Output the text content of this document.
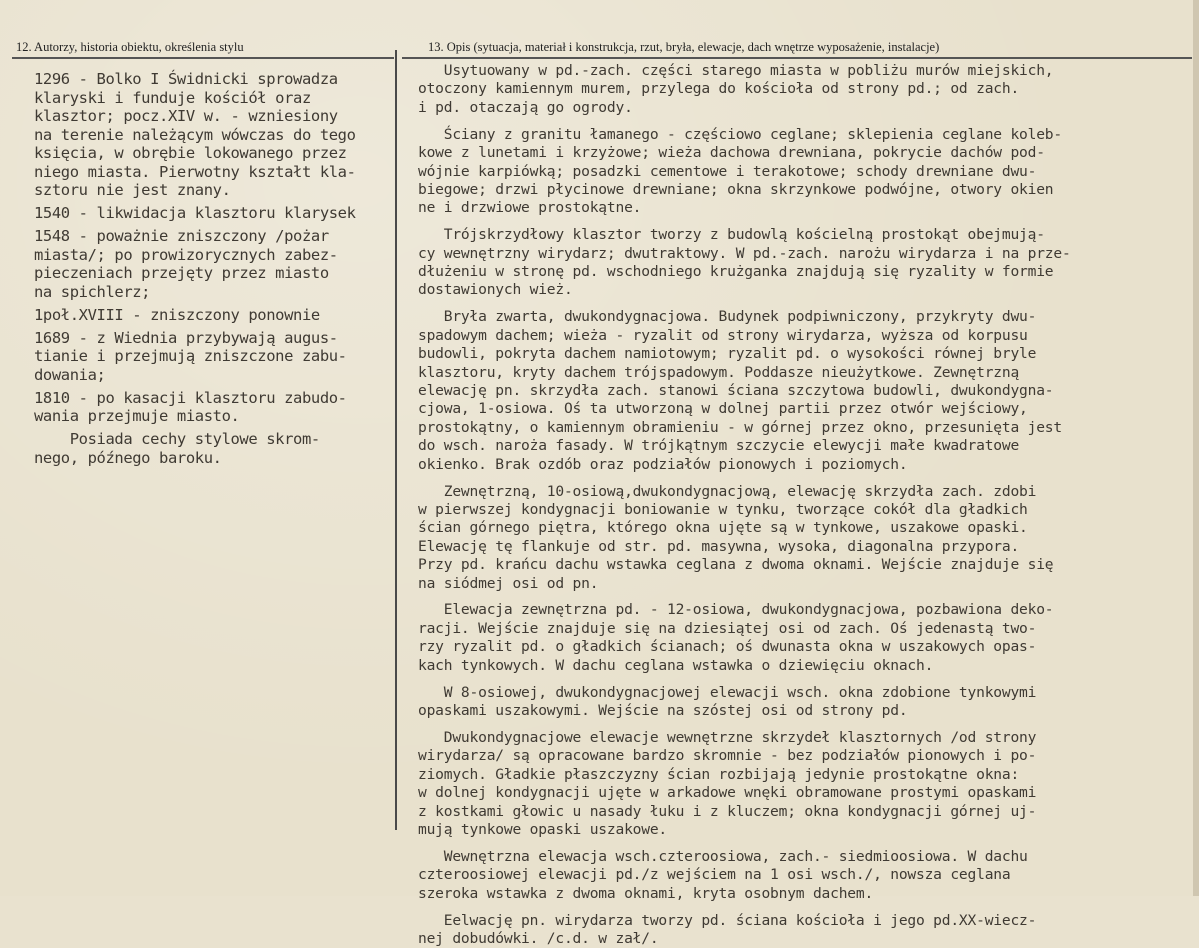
12. Autorzy, historia obiektu, określenia stylu	13. Opis (sytuacja, materiał i konstrukcja, rzut, bryła, elewacje, dach wnętrze wyposażenie, instalacje)
1296 - Bolko I Świdnicki sprowadza
klaryski i funduje kościół oraz
klasztor; pocz.XIV w. - wzniesiony
na terenie należącym wówczas do tego
księcia, w obrębie lokowanego przez
niego miasta. Pierwotny kształt kla-
sztoru nie jest znany.
1540 - likwidacja klasztoru klarysek
1548 - poważnie zniszczony /pożar
miasta/; po prowizorycznych zabez-
pieczeniach przejęty przez miasto
na spichlerz;
1poł.XVIII - zniszczony ponownie
1689 - z Wiednia przybywają augus-
tianie i przejmują zniszczone zabu-
dowania;
1810 - po kasacji klasztoru zabudo-
wania przejmuje miasto.
Posiada cechy stylowe skrom-
nego, późnego baroku.
Usytuowany w pd.-zach. części starego miasta w pobliżu murów miejskich,
otoczony kamiennym murem, przylega do kościoła od strony pd.; od zach.
i pd. otaczają go ogrody.
Ściany z granitu łamanego - częściowo ceglane; sklepienia ceglane koleb-
kowe z lunetami i krzyżowe; wieża dachowa drewniana, pokrycie dachów pod-
wójnie karpiówką; posadzki cementowe i terakotowe; schody drewniane dwu-
biegowe; drzwi płycinowe drewniane; okna skrzynkowe podwójne, otwory okien
ne i drzwiowe prostokątne.
Trójskrzydłowy klasztor tworzy z budowlą kościelną prostokąt obejmują-
cy wewnętrzny wirydarz; dwutraktowy. W pd.-zach. narożu wirydarza i na prze-
dłużeniu w stronę pd. wschodniego krużganka znajdują się ryzality w formie
dostawionych wież.
Bryła zwarta, dwukondygnacjowa. Budynek podpiwniczony, przykryty dwu-
spadowym dachem; wieża - ryzalit od strony wirydarza, wyższa od korpusu
budowli, pokryta dachem namiotowym; ryzalit pd. o wysokości równej bryle
klasztoru, kryty dachem trójspadowym. Poddasze nieużytkowe. Zewnętrzną
elewację pn. skrzydła zach. stanowi ściana szczytowa budowli, dwukondygna-
cjowa, 1-osiowa. Oś ta utworzoną w dolnej partii przez otwór wejściowy,
prostokątny, o kamiennym obramieniu - w górnej przez okno, przesunięta jest
do wsch. naroża fasady. W trójkątnym szczycie elewycji małe kwadratowe
okienko. Brak ozdób oraz podziałów pionowych i poziomych.
Zewnętrzną, 10-osiową,dwukondygnacjową, elewację skrzydła zach. zdobi
w pierwszej kondygnacji boniowanie w tynku, tworzące cokół dla gładkich
ścian górnego piętra, którego okna ujęte są w tynkowe, uszakowe opaski.
Elewację tę flankuje od str. pd. masywna, wysoka, diagonalna przypora.
Przy pd. krańcu dachu wstawka ceglana z dwoma oknami. Wejście znajduje się
na siódmej osi od pn.
Elewacja zewnętrzna pd. - 12-osiowa, dwukondygnacjowa, pozbawiona deko-
racji. Wejście znajduje się na dziesiątej osi od zach. Oś jedenastą two-
rzy ryzalit pd. o gładkich ścianach; oś dwunasta okna w uszakowych opas-
kach tynkowych. W dachu ceglana wstawka o dziewięciu oknach.
W 8-osiowej, dwukondygnacjowej elewacji wsch. okna zdobione tynkowymi
opaskami uszakowymi. Wejście na szóstej osi od strony pd.
Dwukondygnacjowe elewacje wewnętrzne skrzydeł klasztornych /od strony
wirydarza/ są opracowane bardzo skromnie - bez podziałów pionowych i po-
ziomych. Gładkie płaszczyzny ścian rozbijają jedynie prostokątne okna:
w dolnej kondygnacji ujęte w arkadowe wnęki obramowane prostymi opaskami
z kostkami głowic u nasady łuku i z kluczem; okna kondygnacji górnej uj-
mują tynkowe opaski uszakowe.
Wewnętrzna elewacja wsch.czteroosiowa, zach.- siedmioosiowa. W dachu
czteroosiowej elewacji pd./z wejściem na 1 osi wsch./, nowsza ceglana
szeroka wstawka z dwoma oknami, kryta osobnym dachem.
Eelwację pn. wirydarza tworzy pd. ściana kościoła i jego pd.XX-wiecz-
nej dobudówki. /c.d. w zał/.
